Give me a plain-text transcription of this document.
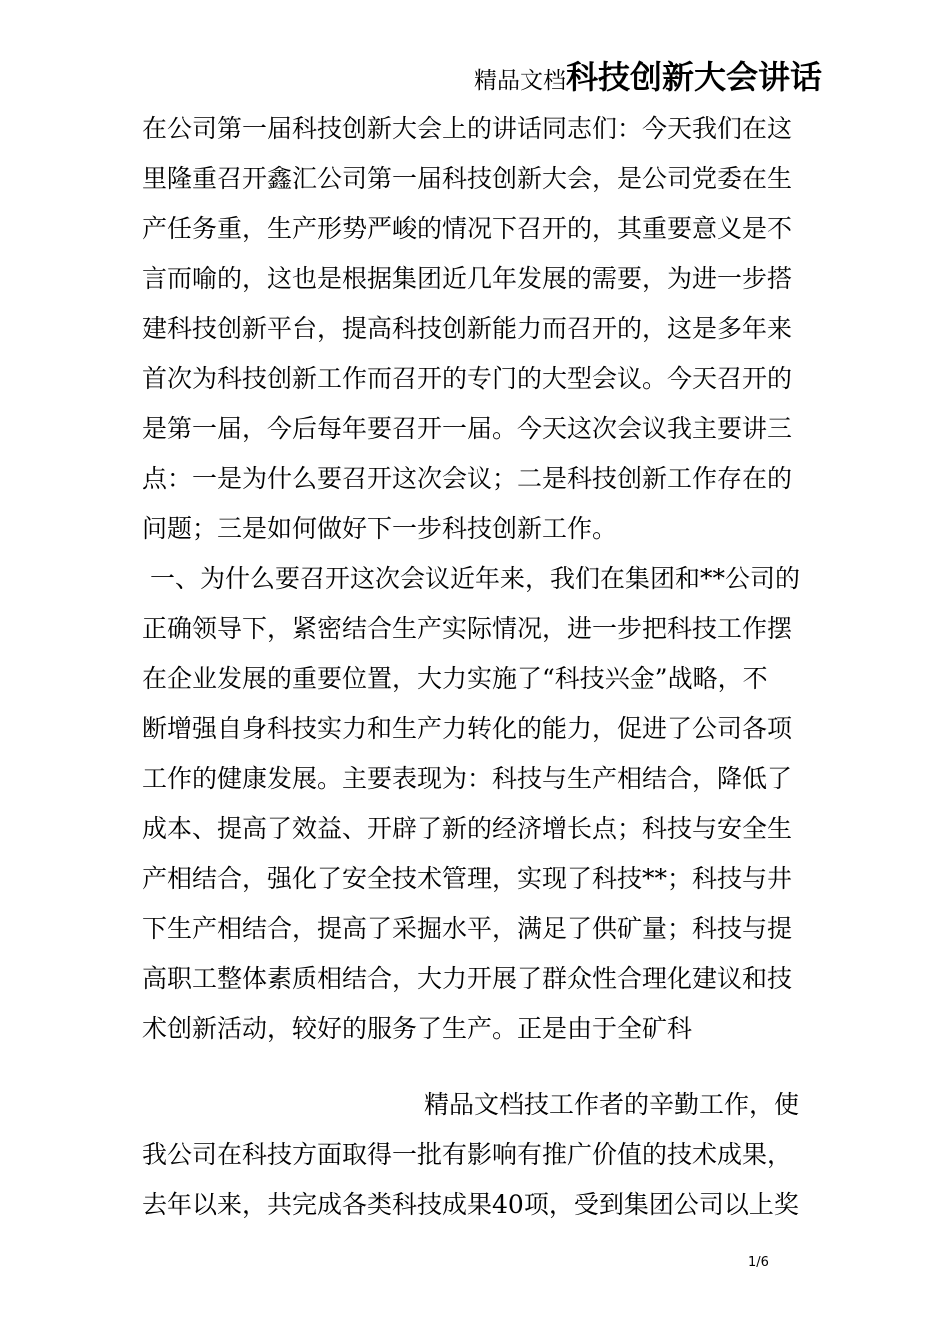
精品文档科技创新大会讲话
在公司第一届科技创新大会上的讲话同志们：今天我们在这
里隆重召开鑫汇公司第一届科技创新大会，是公司党委在生
产任务重，生产形势严峻的情况下召开的，其重要意义是不
言而喻的，这也是根据集团近几年发展的需要，为进一步搭
建科技创新平台，提高科技创新能力而召开的，这是多年来
首次为科技创新工作而召开的专门的大型会议。今天召开的
是第一届，今后每年要召开一届。今天这次会议我主要讲三
点：一是为什么要召开这次会议；二是科技创新工作存在的
问题；三是如何做好下一步科技创新工作。
一、为什么要召开这次会议近年来，我们在集团和**公司的
正确领导下，紧密结合生产实际情况，进一步把科技工作摆
在企业发展的重要位置，大力实施了“科技兴金”战略，不
断增强自身科技实力和生产力转化的能力，促进了公司各项
工作的健康发展。主要表现为：科技与生产相结合，降低了
成本、提高了效益、开辟了新的经济增长点；科技与安全生
产相结合，强化了安全技术管理，实现了科技**；科技与井
下生产相结合，提高了采掘水平，满足了供矿量；科技与提
高职工整体素质相结合，大力开展了群众性合理化建议和技
术创新活动，较好的服务了生产。正是由于全矿科
精品文档技工作者的辛勤工作，使
我公司在科技方面取得一批有影响有推广价值的技术成果，
去年以来，共完成各类科技成果40项，受到集团公司以上奖
1/6
